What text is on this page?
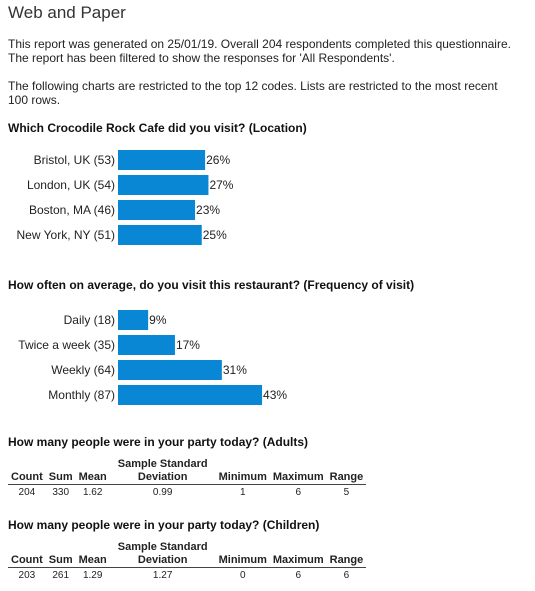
Web and Paper
This report was generated on 25/01/19. Overall 204 respondents completed this questionnaire.
The report has been filtered to show the responses for 'All Respondents'.
The following charts are restricted to the top 12 codes. Lists are restricted to the most recent
100 rows.
Which Crocodile Rock Cafe did you visit? (Location)
Bristol, UK (53)	26%
London, UK (54)	27%
Boston, MA (46)	23%
New York, NY (51)	25%
How often on average, do you visit this restaurant? (Frequency of visit)
Daily (18)	9%
Twice a week (35)	17%
Weekly (64)	31%
Monthly (87)	43%
How many people were in your party today? (Adults)
Count	Sum	Mean	Sample Standard
Deviation	Minimum	Maximum	Range
204	330	1.62	0.99	1	6	5
How many people were in your party today? (Children)
Count	Sum	Mean	Sample Standard
Deviation	Minimum	Maximum	Range
203	261	1.29	1.27	0	6	6
